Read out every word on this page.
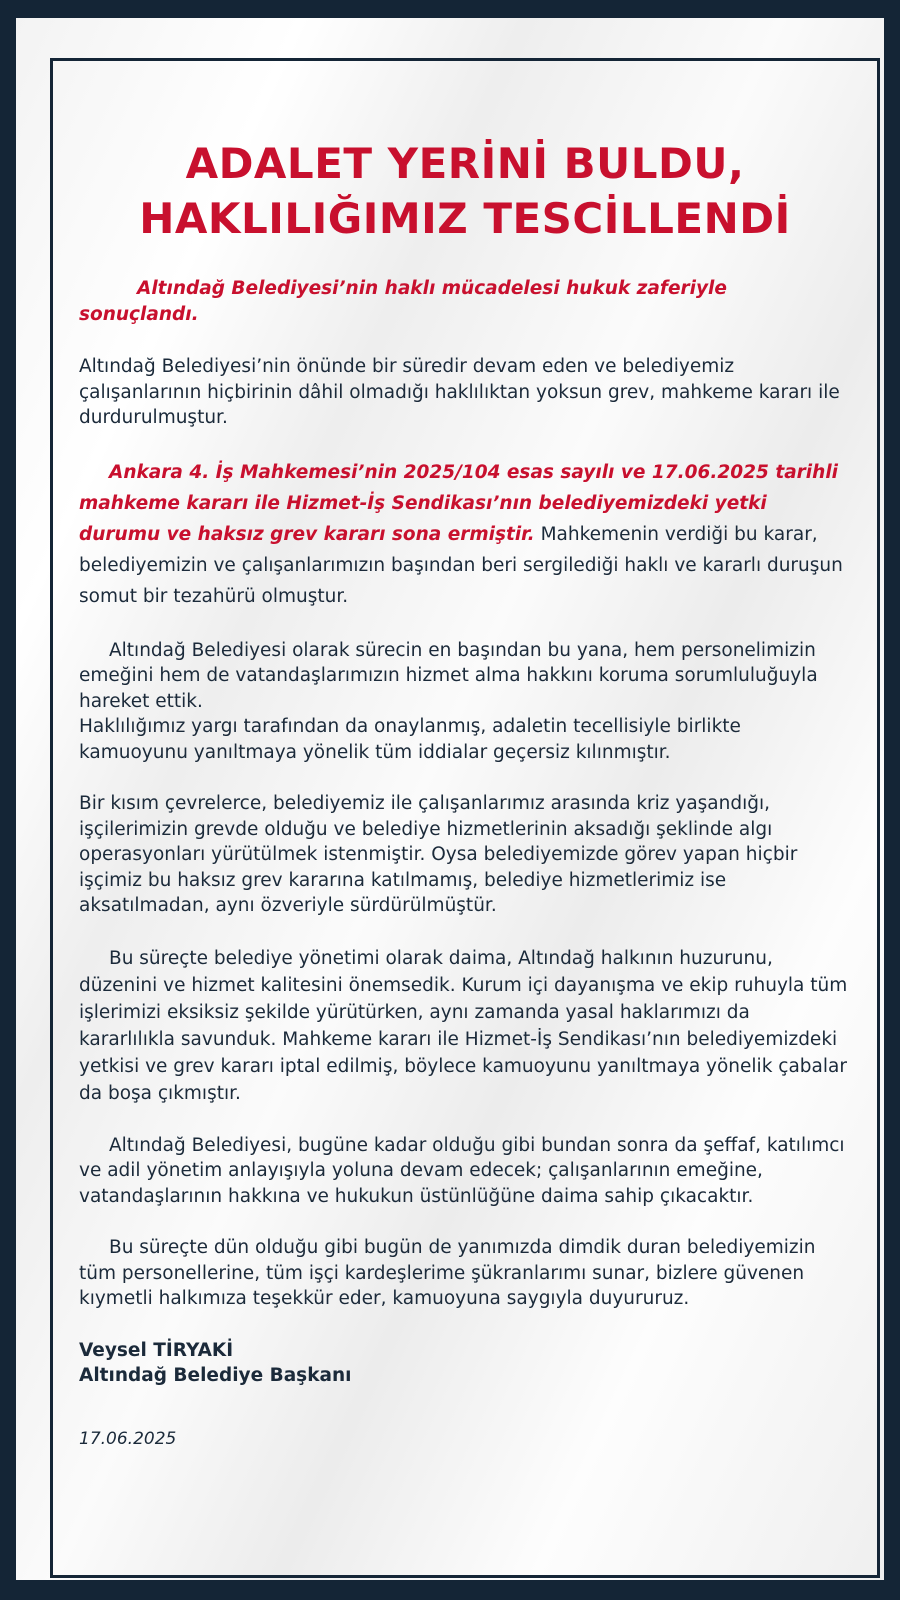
ADALET YERİNİ BULDU,
HAKLILIĞIMIZ TESCİLLENDİ

Altındağ Belediyesi’nin haklı mücadelesi hukuk zaferiyle sonuçlandı.

Altındağ Belediyesi’nin önünde bir süredir devam eden ve belediyemiz çalışanlarının hiçbirinin dâhil olmadığı haklılıktan yoksun grev, mahkeme kararı ile durdurulmuştur.

Ankara 4. İş Mahkemesi’nin 2025/104 esas sayılı ve 17.06.2025 tarihli mahkeme kararı ile Hizmet-İş Sendikası’nın belediyemizdeki yetki durumu ve haksız grev kararı sona ermiştir. Mahkemenin verdiği bu karar, belediyemizin ve çalışanlarımızın başından beri sergilediği haklı ve kararlı duruşun somut bir tezahürü olmuştur.

Altındağ Belediyesi olarak sürecin en başından bu yana, hem personelimizin emeğini hem de vatandaşlarımızın hizmet alma hakkını koruma sorumluluğuyla hareket ettik.

Haklılığımız yargı tarafından da onaylanmış, adaletin tecellisiyle birlikte kamuoyunu yanıltmaya yönelik tüm iddialar geçersiz kılınmıştır.

Bir kısım çevrelerce, belediyemiz ile çalışanlarımız arasında kriz yaşandığı, işçilerimizin grevde olduğu ve belediye hizmetlerinin aksadığı şeklinde algı operasyonları yürütülmek istenmiştir. Oysa belediyemizde görev yapan hiçbir işçimiz bu haksız grev kararına katılmamış, belediye hizmetlerimiz ise aksatılmadan, aynı özveriyle sürdürülmüştür.

Bu süreçte belediye yönetimi olarak daima, Altındağ halkının huzurunu, düzenini ve hizmet kalitesini önemsedik. Kurum içi dayanışma ve ekip ruhuyla tüm işlerimizi eksiksiz şekilde yürütürken, aynı zamanda yasal haklarımızı da kararlılıkla savunduk. Mahkeme kararı ile Hizmet-İş Sendikası’nın belediyemizdeki yetkisi ve grev kararı iptal edilmiş, böylece kamuoyunu yanıltmaya yönelik çabalar da boşa çıkmıştır.

Altındağ Belediyesi, bugüne kadar olduğu gibi bundan sonra da şeffaf, katılımcı ve adil yönetim anlayışıyla yoluna devam edecek; çalışanlarının emeğine, vatandaşlarının hakkına ve hukukun üstünlüğüne daima sahip çıkacaktır.

Bu süreçte dün olduğu gibi bugün de yanımızda dimdik duran belediyemizin tüm personellerine, tüm işçi kardeşlerime şükranlarımı sunar, bizlere güvenen kıymetli halkımıza teşekkür eder, kamuoyuna saygıyla duyururuz.

Veysel TİRYAKİ

Altındağ Belediye Başkanı

17.06.2025
